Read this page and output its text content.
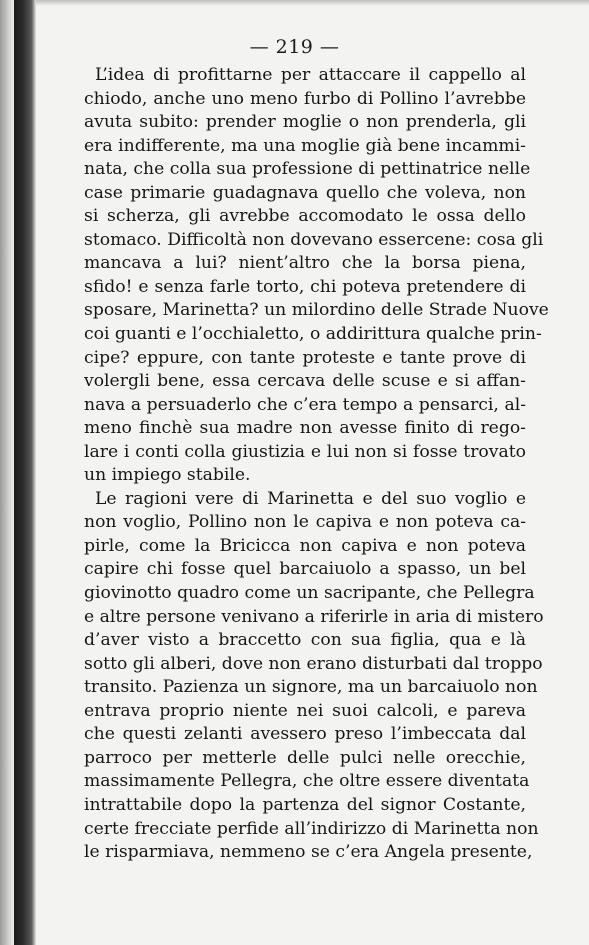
— 219 —
L’idea di profittarne per attaccare il cappello al
chiodo, anche uno meno furbo di Pollino l’avrebbe
avuta subito: prender moglie o non prenderla, gli
era indifferente, ma una moglie già bene incammi-
nata, che colla sua professione di pettinatrice nelle
case primarie guadagnava quello che voleva, non
si scherza, gli avrebbe accomodato le ossa dello
stomaco. Difficoltà non dovevano essercene: cosa gli
mancava a lui? nient’altro che la borsa piena,
sfido! e senza farle torto, chi poteva pretendere di
sposare, Marinetta? un milordino delle Strade Nuove
coi guanti e l’occhialetto, o addirittura qualche prin-
cipe? eppure, con tante proteste e tante prove di
volergli bene, essa cercava delle scuse e si affan-
nava a persuaderlo che c’era tempo a pensarci, al-
meno finchè sua madre non avesse finito di rego-
lare i conti colla giustizia e lui non si fosse trovato
un impiego stabile.
Le ragioni vere di Marinetta e del suo voglio e
non voglio, Pollino non le capiva e non poteva ca-
pirle, come la Bricicca non capiva e non poteva
capire chi fosse quel barcaiuolo a spasso, un bel
giovinotto quadro come un sacripante, che Pellegra
e altre persone venivano a riferirle in aria di mistero
d’aver visto a braccetto con sua figlia, qua e là
sotto gli alberi, dove non erano disturbati dal troppo
transito. Pazienza un signore, ma un barcaiuolo non
entrava proprio niente nei suoi calcoli, e pareva
che questi zelanti avessero preso l’imbeccata dal
parroco per metterle delle pulci nelle orecchie,
massimamente Pellegra, che oltre essere diventata
intrattabile dopo la partenza del signor Costante,
certe frecciate perfide all’indirizzo di Marinetta non
le risparmiava, nemmeno se c’era Angela presente,
